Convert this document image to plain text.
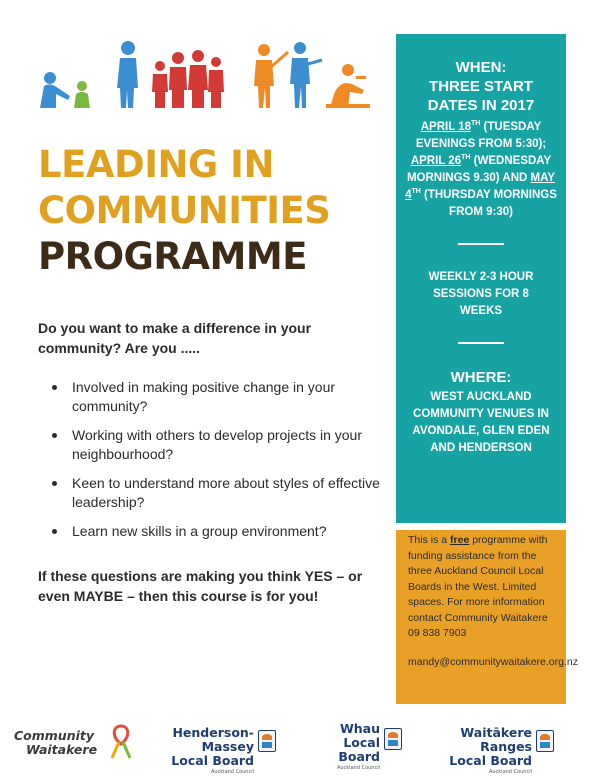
LEADING IN
COMMUNITIES
PROGRAMME

Do you want to make a difference in your community? Are you .....

Involved in making positive change in your community?
Working with others to develop projects in your neighbourhood?
Keen to understand more about styles of effective leadership?
Learn new skills in a group environment?

If these questions are making you think YES – or even MAYBE – then this course is for you!

WHEN:
THREE START DATES IN 2017
APRIL 18TH (TUESDAY EVENINGS FROM 5:30); APRIL 26TH (WEDNESDAY MORNINGS 9.30) AND MAY 4TH (THURSDAY MORNINGS FROM 9:30)
WEEKLY 2-3 HOUR SESSIONS FOR 8 WEEKS
WHERE:
WEST AUCKLAND COMMUNITY VENUES IN AVONDALE, GLEN EDEN AND HENDERSON

This is a free programme with funding assistance from the three Auckland Council Local Boards in the West. Limited spaces. For more information contact Community Waitakere 09 838 7903

mandy@communitywaitakere.org.nz

Community
Waitakere
Henderson-Massey
Local Board
Auckland Council
Whau
Local Board
Auckland Council
Waitākere Ranges
Local Board
Auckland Council
